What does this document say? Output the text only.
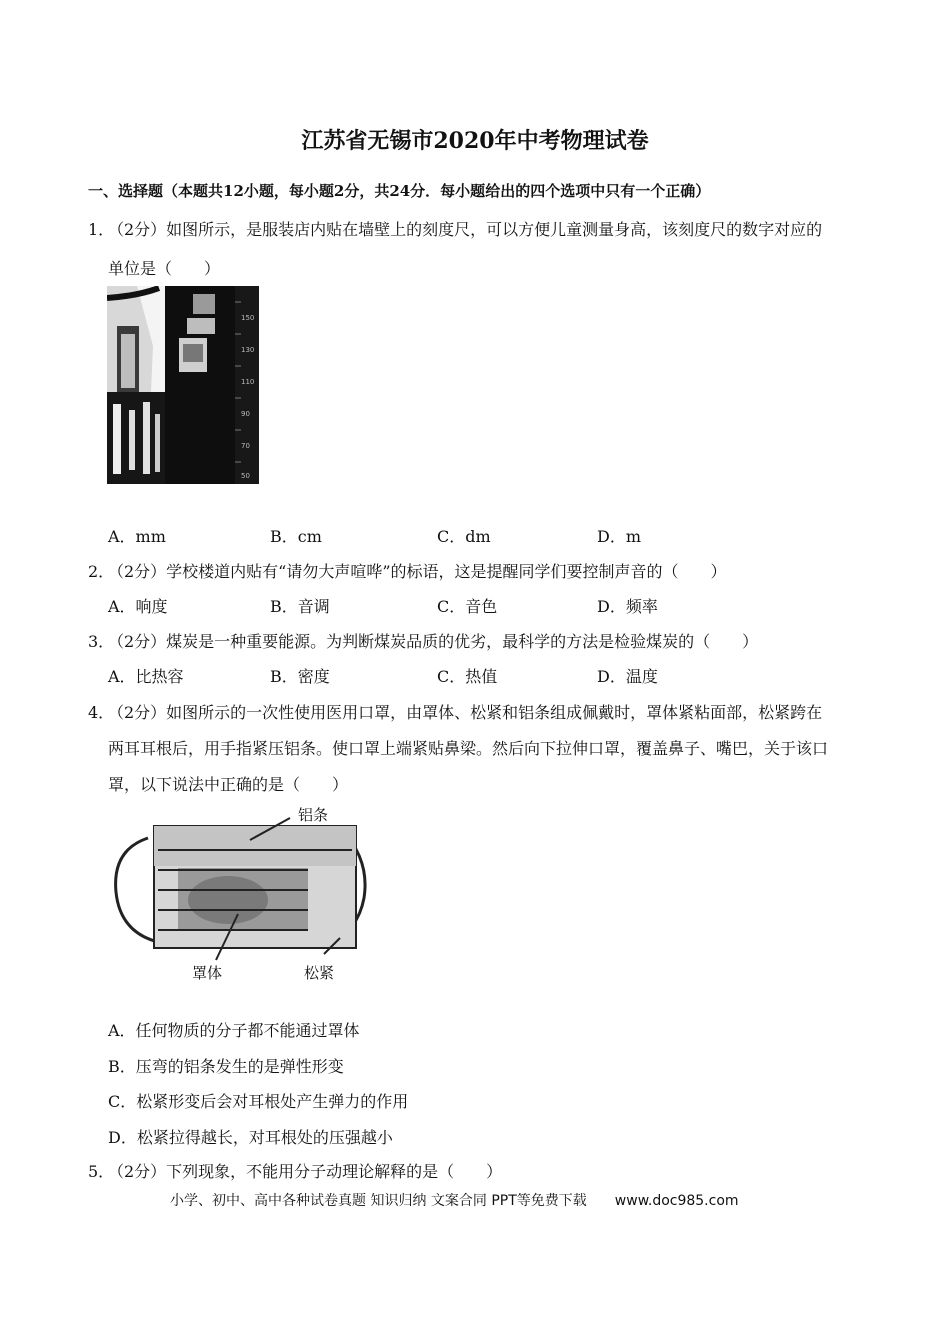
江苏省无锡市2020年中考物理试卷
一、选择题（本题共12小题，每小题2分，共24分．每小题给出的四个选项中只有一个正确）
1．
（2分）如图所示，是服装店内贴在墙壁上的刻度尺，可以方便儿童测量身高，该刻度尺的数字对应的
单位是（　　）
150
130
110
90
70
50
A．mm	B．cm	C．dm	D．m
2．
（2分）学校楼道内贴有“请勿大声喧哗”的标语，这是提醒同学们要控制声音的（　　）
A．响度	B．音调	C．音色	D．频率
3．
（2分）煤炭是一种重要能源。为判断煤炭品质的优劣，最科学的方法是检验煤炭的（　　）
A．比热容	B．密度	C．热值	D．温度
4．
（2分）如图所示的一次性使用医用口罩，由罩体、松紧和铝条组成佩戴时，罩体紧粘面部，松紧跨在
两耳耳根后，用手指紧压铝条。使口罩上端紧贴鼻梁。然后向下拉伸口罩，覆盖鼻子、嘴巴，关于该口
罩，以下说法中正确的是（　　）
铝条
罩体	松紧
A．任何物质的分子都不能通过罩体
B．压弯的铝条发生的是弹性形变
C．松紧形变后会对耳根处产生弹力的作用
D．松紧拉得越长，对耳根处的压强越小
5．
（2分）下列现象，不能用分子动理论解释的是（　　）
小学、初中、高中各种试卷真题 知识归纳 文案合同 PPT等免费下载 www.doc985.com
